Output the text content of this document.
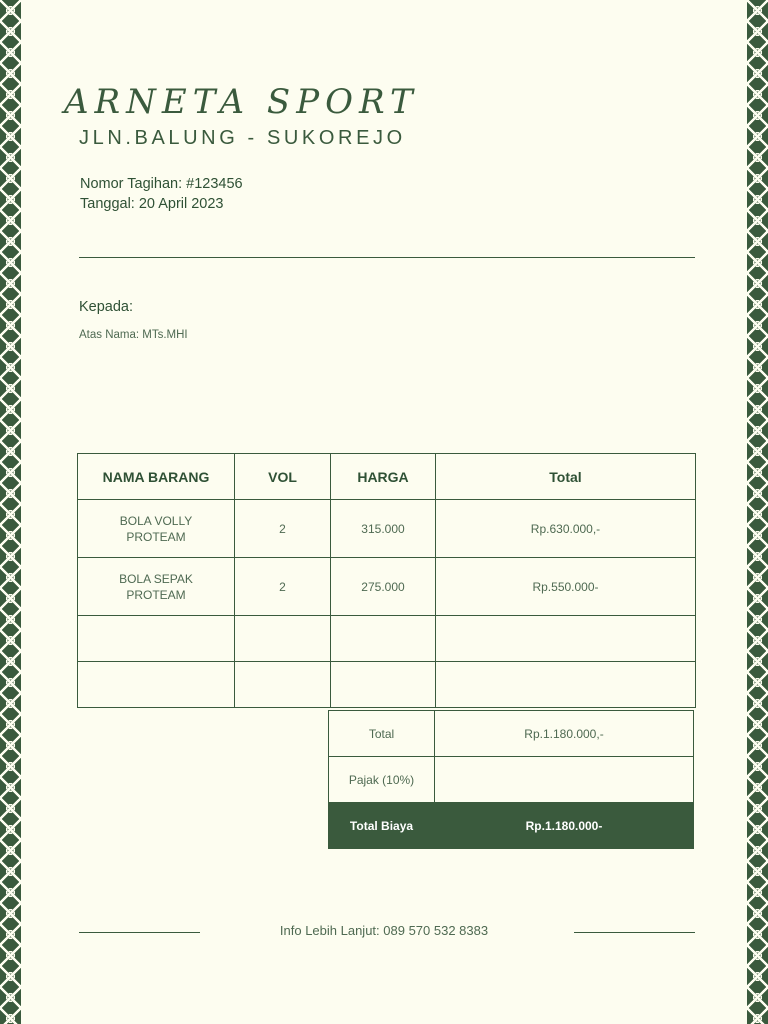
ARNETA SPORT
JLN.BALUNG - SUKOREJO
Nomor Tagihan: #123456
Tanggal: 20 April 2023
Kepada:
Atas Nama: MTs.MHI
NAMA BARANG	VOL	HARGA	Total
BOLA VOLLY
PROTEAM	2	315.000	Rp.630.000,-
BOLA SEPAK
PROTEAM	2	275.000	Rp.550.000-

Total	Rp.1.180.000,-
Pajak (10%)	
Total Biaya	Rp.1.180.000-
Info Lebih Lanjut: 089 570 532 8383
